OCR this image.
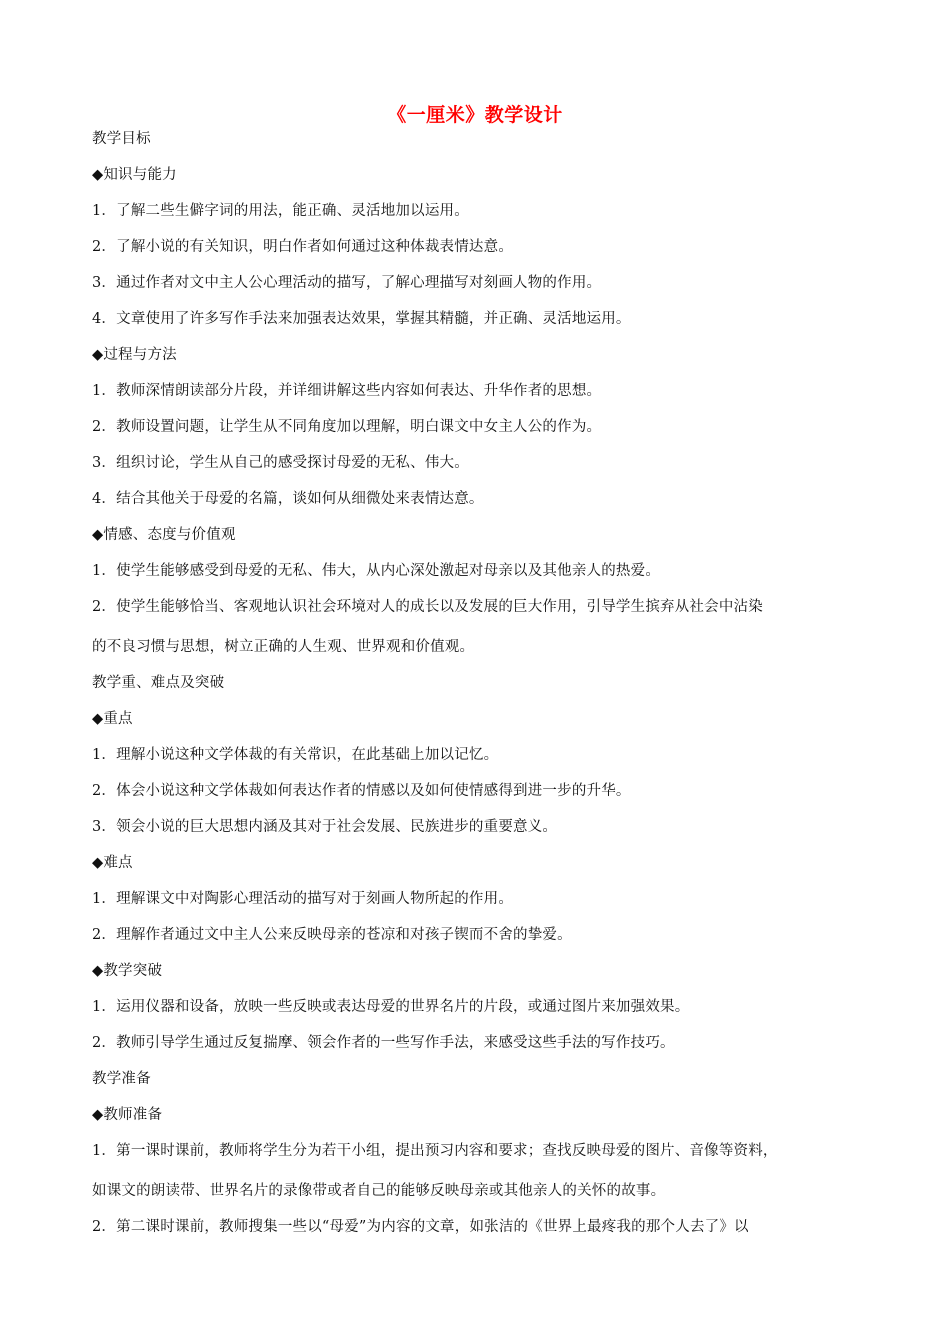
《一厘米》教学设计
教学目标
◆知识与能力
1．了解二些生僻字词的用法，能正确、灵活地加以运用。
2．了解小说的有关知识，明白作者如何通过这种体裁表情达意。
3．通过作者对文中主人公心理活动的描写，了解心理描写对刻画人物的作用。
4．文章使用了许多写作手法来加强表达效果，掌握其精髓，并正确、灵活地运用。
◆过程与方法
1．教师深情朗读部分片段，并详细讲解这些内容如何表达、升华作者的思想。
2．教师设置问题，让学生从不同角度加以理解，明白课文中女主人公的作为。
3．组织讨论，学生从自己的感受探讨母爱的无私、伟大。
4．结合其他关于母爱的名篇，谈如何从细微处来表情达意。
◆情感、态度与价值观
1．使学生能够感受到母爱的无私、伟大，从内心深处激起对母亲以及其他亲人的热爱。
2．使学生能够恰当、客观地认识社会环境对人的成长以及发展的巨大作用，引导学生摈弃从社会中沾染
的不良习惯与思想，树立正确的人生观、世界观和价值观。
教学重、难点及突破
◆重点
1．理解小说这种文学体裁的有关常识，在此基础上加以记忆。
2．体会小说这种文学体裁如何表达作者的情感以及如何使情感得到进一步的升华。
3．领会小说的巨大思想内涵及其对于社会发展、民族进步的重要意义。
◆难点
1．理解课文中对陶影心理活动的描写对于刻画人物所起的作用。
2．理解作者通过文中主人公来反映母亲的苍凉和对孩子锲而不舍的挚爱。
◆教学突破
1．运用仪器和设备，放映一些反映或表达母爱的世界名片的片段，或通过图片来加强效果。
2．教师引导学生通过反复揣摩、领会作者的一些写作手法，来感受这些手法的写作技巧。
教学准备
◆教师准备
1．第一课时课前，教师将学生分为若干小组，提出预习内容和要求；查找反映母爱的图片、音像等资料，
如课文的朗读带、世界名片的录像带或者自己的能够反映母亲或其他亲人的关怀的故事。
2．第二课时课前，教师搜集一些以“母爱”为内容的文章，如张洁的《世界上最疼我的那个人去了》以
